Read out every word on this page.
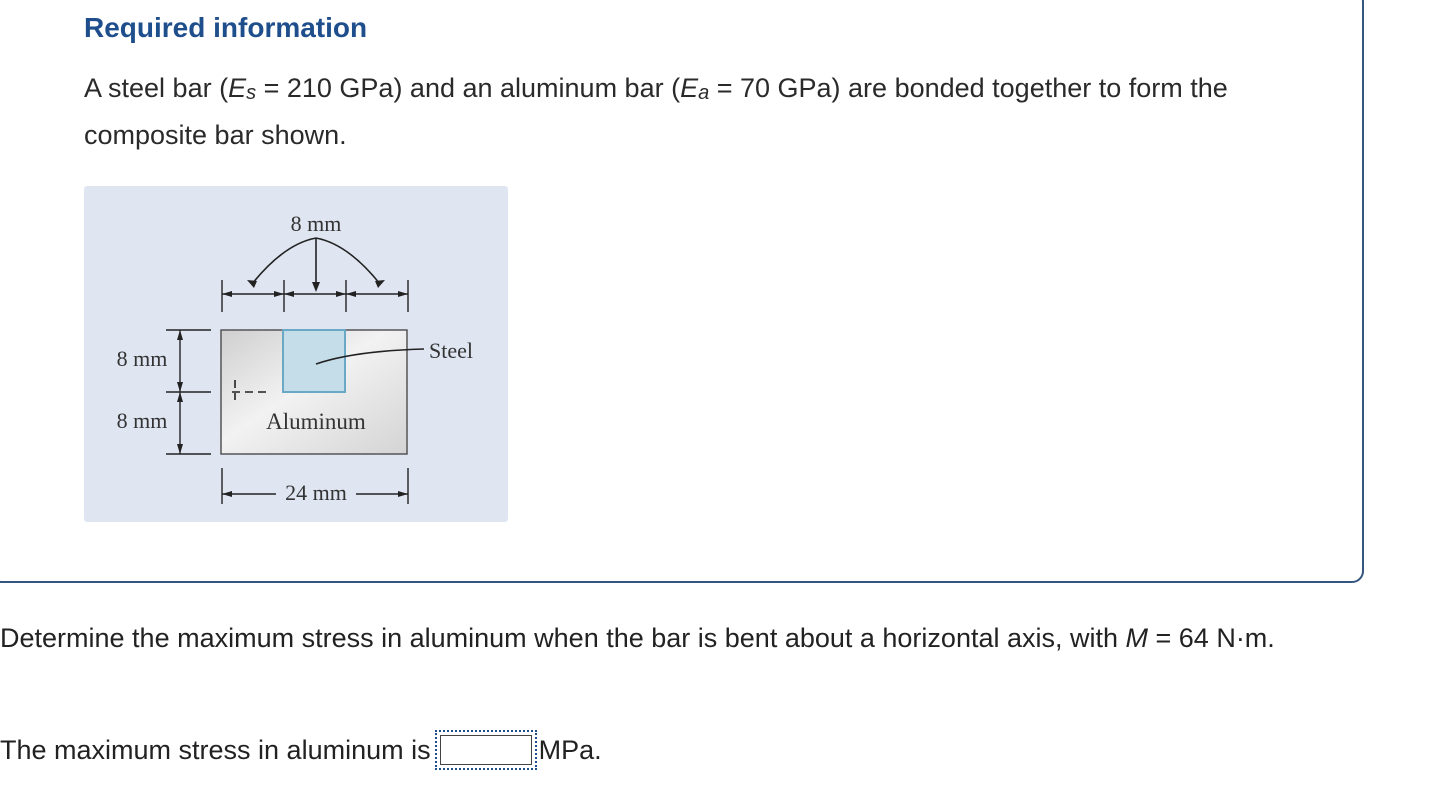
Required information
A steel bar ($E_s = 210$ GPa) and an aluminum bar ($E_a = 70$ GPa) are bonded together to form the composite bar shown.
8 mm
Steel
8 mm
8 mm	Aluminum
24 mm
Determine the maximum stress in aluminum when the bar is bent about a horizontal axis, with M = 64 N·m.
The maximum stress in aluminum is	MPa.
